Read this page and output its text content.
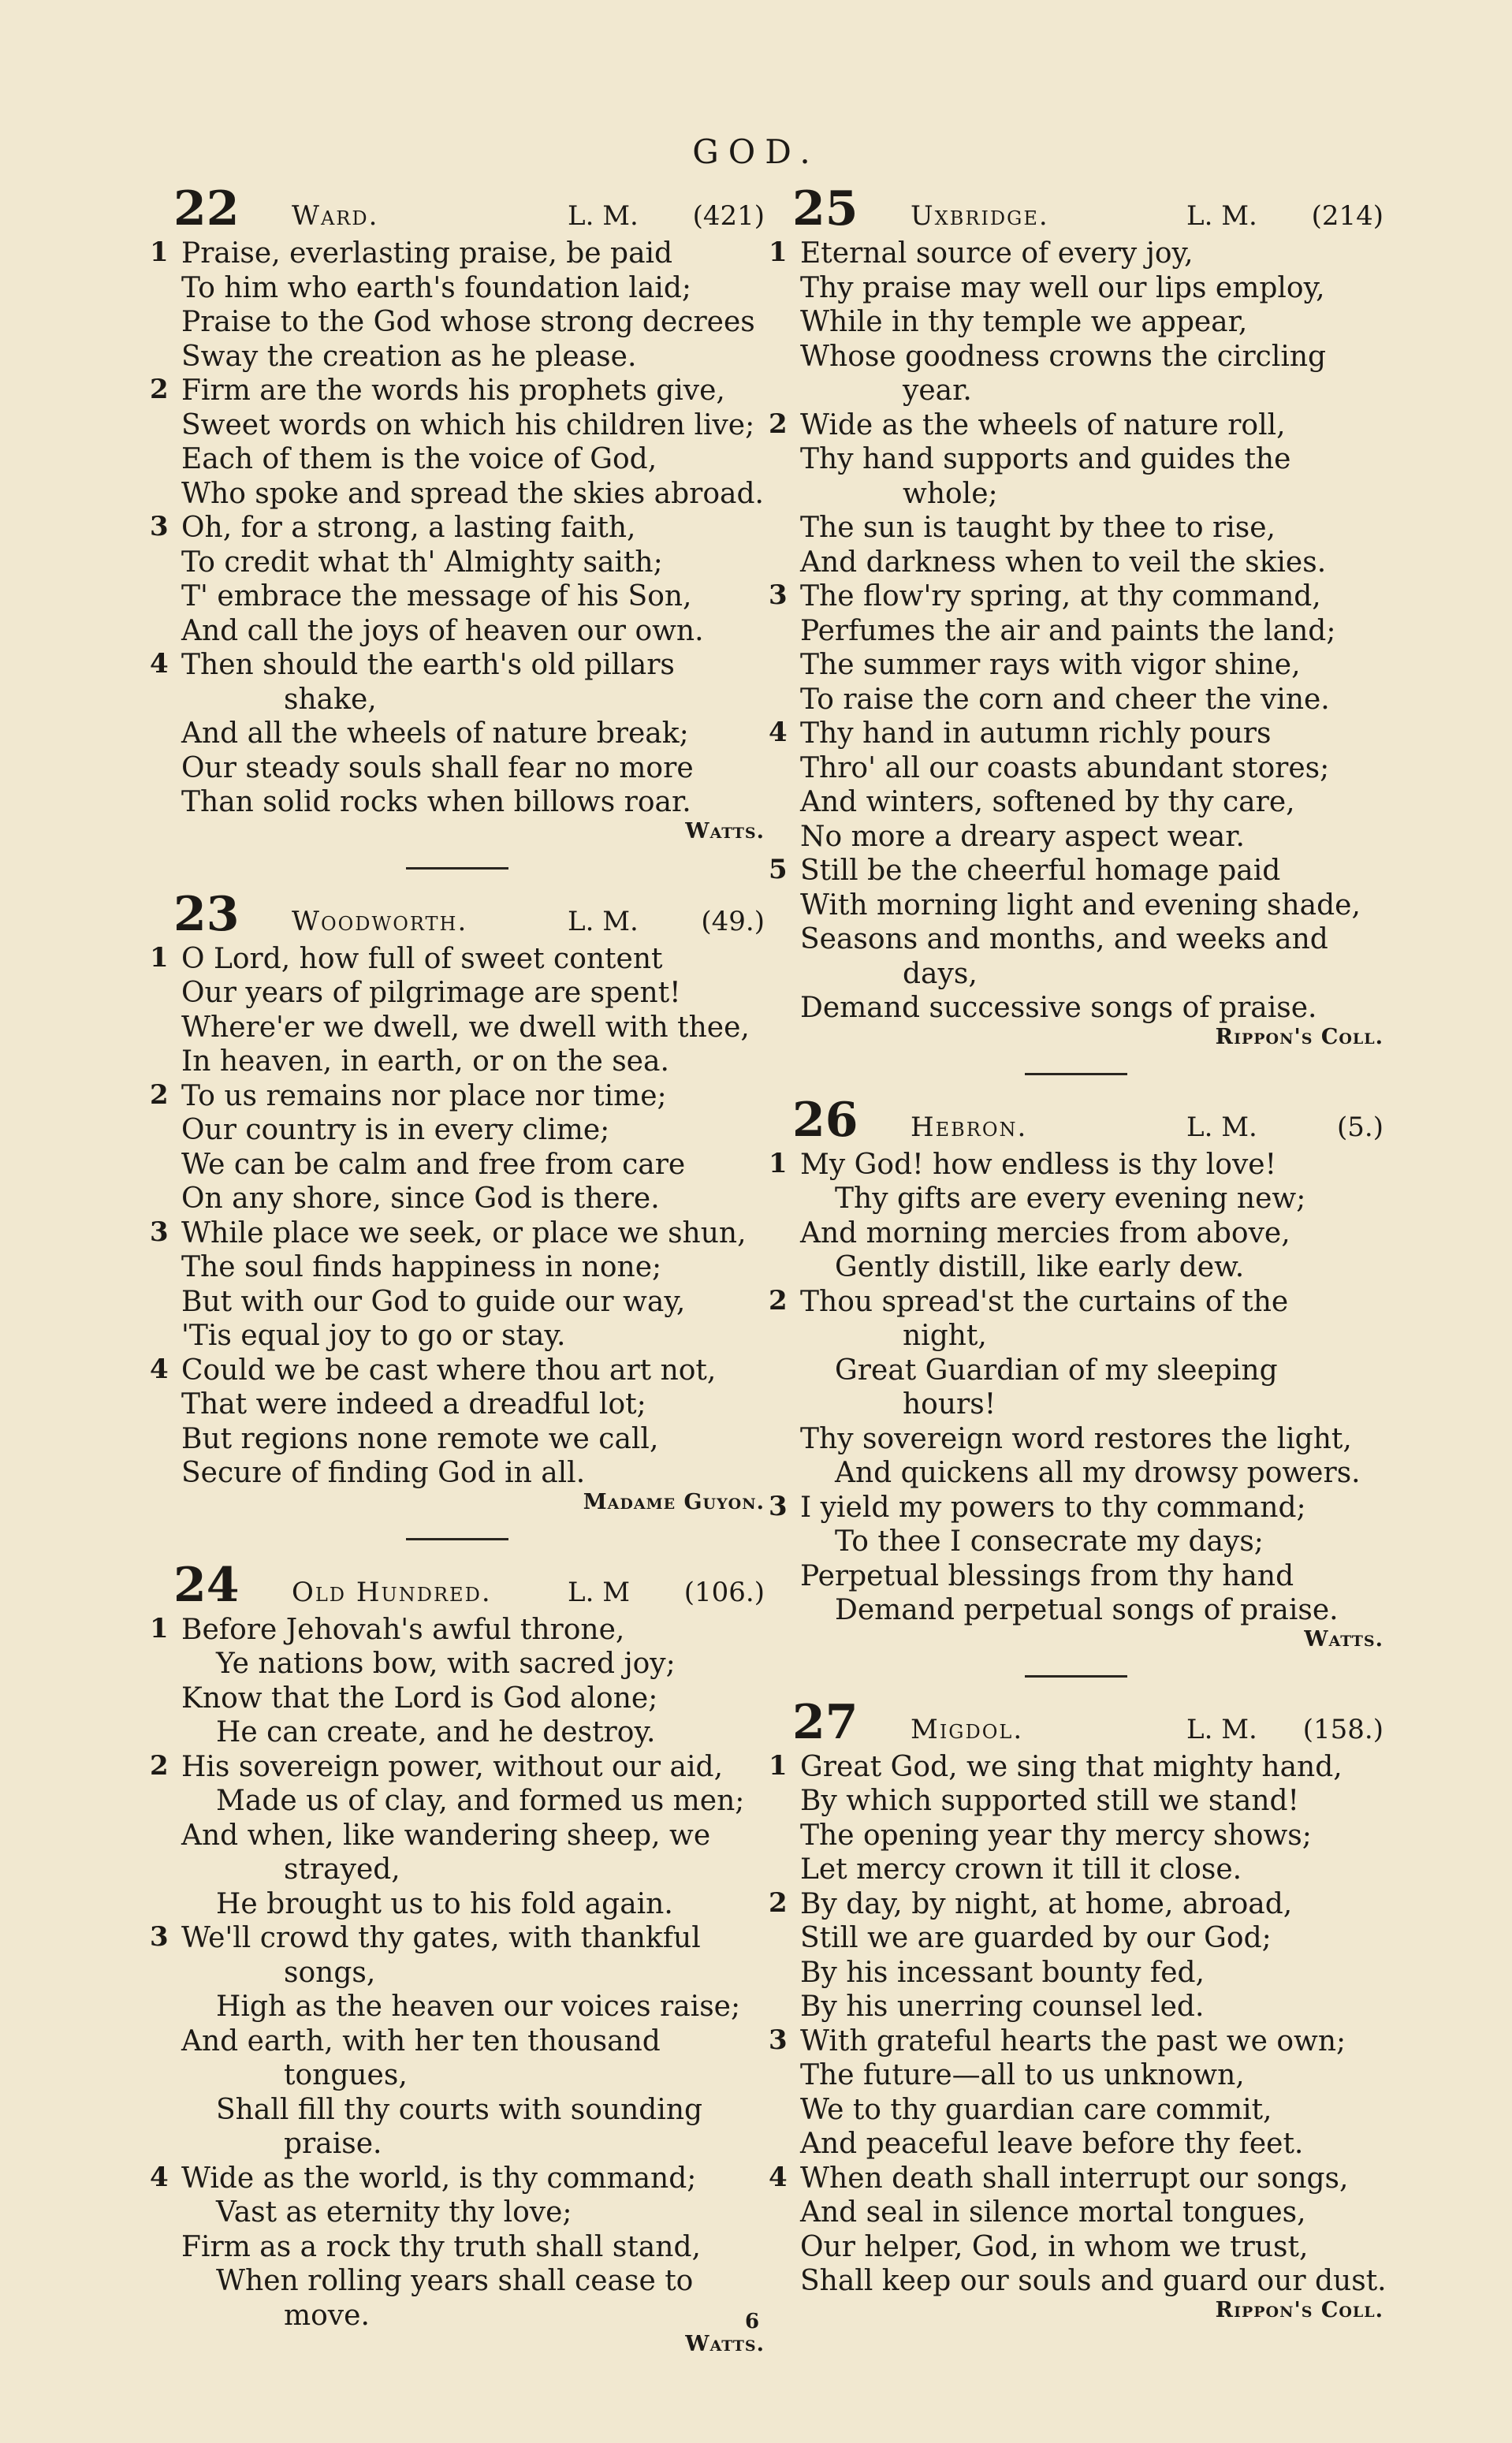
GOD.
22	Ward.	L. M.	(421)
1 Praise, everlasting praise, be paid
To him who earth's foundation laid;
Praise to the God whose strong decrees
Sway the creation as he please.
2 Firm are the words his prophets give,
Sweet words on which his children live;
Each of them is the voice of God,
Who spoke and spread the skies abroad.
3 Oh, for a strong, a lasting faith,
To credit what th' Almighty saith;
T' embrace the message of his Son,
And call the joys of heaven our own.
4 Then should the earth's old pillars
shake,
And all the wheels of nature break;
Our steady souls shall fear no more
Than solid rocks when billows roar.
Watts.
23	Woodworth.	L. M.	(49.)
1 O Lord, how full of sweet content
Our years of pilgrimage are spent!
Where'er we dwell, we dwell with thee,
In heaven, in earth, or on the sea.
2 To us remains nor place nor time;
Our country is in every clime;
We can be calm and free from care
On any shore, since God is there.
3 While place we seek, or place we shun,
The soul finds happiness in none;
But with our God to guide our way,
'Tis equal joy to go or stay.
4 Could we be cast where thou art not,
That were indeed a dreadful lot;
But regions none remote we call,
Secure of finding God in all.
Madame Guyon.
24	Old Hundred.	L. M	(106.)
1 Before Jehovah's awful throne,
Ye nations bow, with sacred joy;
Know that the Lord is God alone;
He can create, and he destroy.
2 His sovereign power, without our aid,
Made us of clay, and formed us men;
And when, like wandering sheep, we
strayed,
He brought us to his fold again.
3 We'll crowd thy gates, with thankful
songs,
High as the heaven our voices raise;
And earth, with her ten thousand
tongues,
Shall fill thy courts with sounding
praise.
4 Wide as the world, is thy command;
Vast as eternity thy love;
Firm as a rock thy truth shall stand,
When rolling years shall cease to
move.
Watts.
25	Uxbridge.	L. M.	(214)
1 Eternal source of every joy,
Thy praise may well our lips employ,
While in thy temple we appear,
Whose goodness crowns the circling
year.
2 Wide as the wheels of nature roll,
Thy hand supports and guides the
whole;
The sun is taught by thee to rise,
And darkness when to veil the skies.
3 The flow'ry spring, at thy command,
Perfumes the air and paints the land;
The summer rays with vigor shine,
To raise the corn and cheer the vine.
4 Thy hand in autumn richly pours
Thro' all our coasts abundant stores;
And winters, softened by thy care,
No more a dreary aspect wear.
5 Still be the cheerful homage paid
With morning light and evening shade,
Seasons and months, and weeks and
days,
Demand successive songs of praise.
Rippon's Coll.
26	Hebron.	L. M.	(5.)
1 My God! how endless is thy love!
Thy gifts are every evening new;
And morning mercies from above,
Gently distill, like early dew.
2 Thou spread'st the curtains of the
night,
Great Guardian of my sleeping
hours!
Thy sovereign word restores the light,
And quickens all my drowsy powers.
3 I yield my powers to thy command;
To thee I consecrate my days;
Perpetual blessings from thy hand
Demand perpetual songs of praise.
Watts.
27	Migdol.	L. M.	(158.)
1 Great God, we sing that mighty hand,
By which supported still we stand!
The opening year thy mercy shows;
Let mercy crown it till it close.
2 By day, by night, at home, abroad,
Still we are guarded by our God;
By his incessant bounty fed,
By his unerring counsel led.
3 With grateful hearts the past we own;
The future—all to us unknown,
We to thy guardian care commit,
And peaceful leave before thy feet.
4 When death shall interrupt our songs,
And seal in silence mortal tongues,
Our helper, God, in whom we trust,
Shall keep our souls and guard our dust.
Rippon's Coll.
6
